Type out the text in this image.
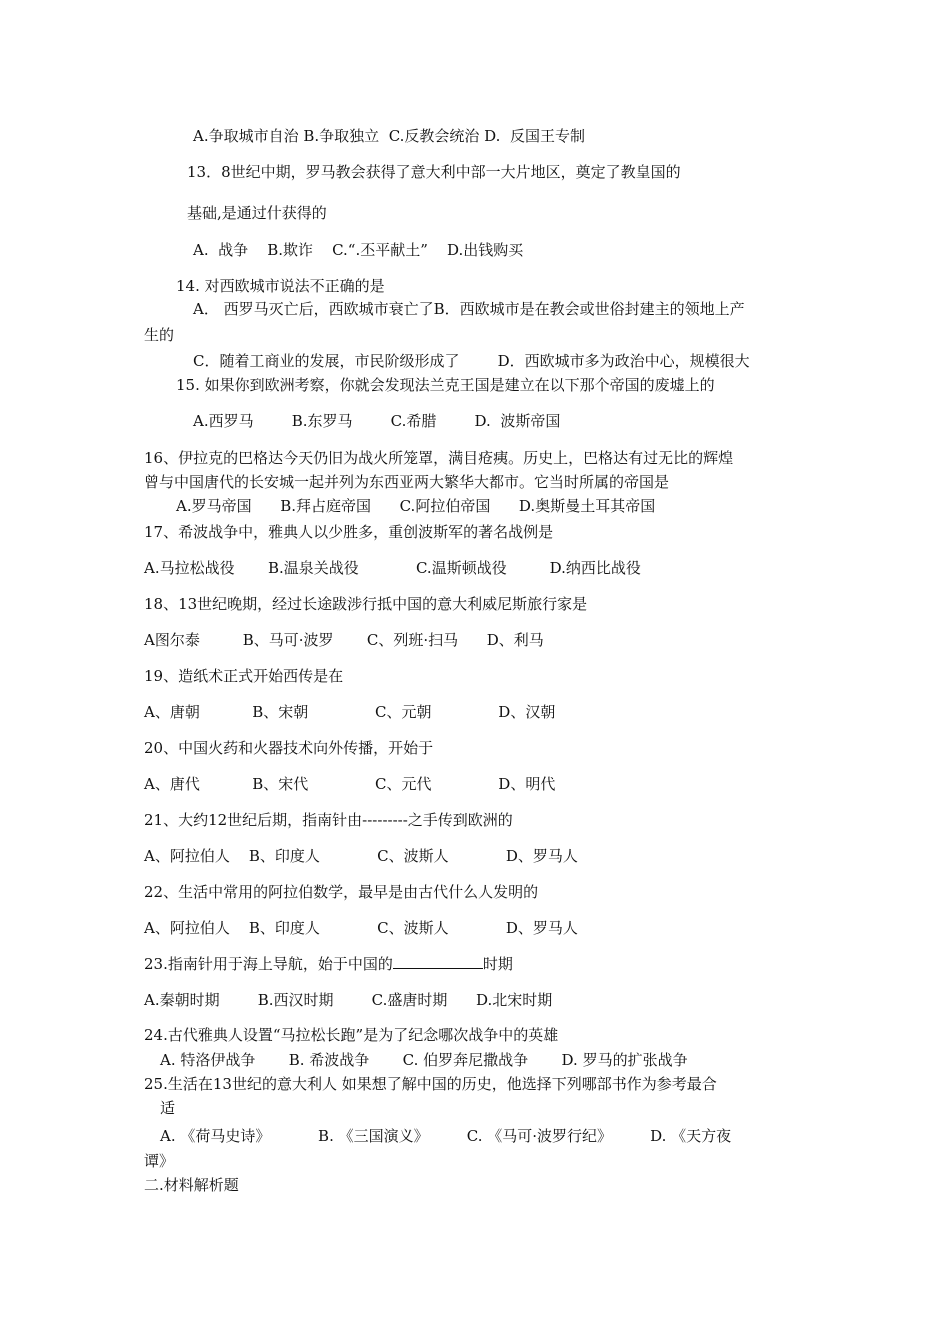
A.争取城市自治 B.争取独立  C.反教会统治 D.  反国王专制
13．8世纪中期，罗马教会获得了意大利中部一大片地区，奠定了教皇国的
基础,是通过什获得的
A.  战争    B.欺诈    C.“.丕平献土”    D.出钱购买
14. 对西欧城市说法不正确的是
A． 西罗马灭亡后，西欧城市衰亡了B．西欧城市是在教会或世俗封建主的领地上产
生的
C．随着工商业的发展，市民阶级形成了        D．西欧城市多为政治中心，规模很大
15. 如果你到欧洲考察，你就会发现法兰克王国是建立在以下那个帝国的废墟上的
A.西罗马        B.东罗马        C.希腊        D.  波斯帝国
16、伊拉克的巴格达今天仍旧为战火所笼罩，满目疮痍。历史上，巴格达有过无比的辉煌
曾与中国唐代的长安城一起并列为东西亚两大繁华大都市。它当时所属的帝国是
A.罗马帝国      B.拜占庭帝国      C.阿拉伯帝国      D.奥斯曼土耳其帝国
17、希波战争中，雅典人以少胜多，重创波斯军的著名战例是
A.马拉松战役       B.温泉关战役            C.温斯顿战役         D.纳西比战役
18、13世纪晚期，经过长途跋涉行抵中国的意大利威尼斯旅行家是
A图尔泰         B、马可·波罗       C、列班·扫马      D、利马
19、造纸术正式开始西传是在
A、唐朝           B、宋朝              C、元朝              D、汉朝
20、中国火药和火器技术向外传播，开始于
A、唐代           B、宋代              C、元代              D、明代
21、大约12世纪后期，指南针由---------之手传到欧洲的
A、阿拉伯人    B、印度人            C、波斯人            D、罗马人
22、生活中常用的阿拉伯数学，最早是由古代什么人发明的
A、阿拉伯人    B、印度人            C、波斯人            D、罗马人
23.指南针用于海上导航，始于中国的	时期
A.秦朝时期        B.西汉时期        C.盛唐时期      D.北宋时期
24.古代雅典人设置“马拉松长跑”是为了纪念哪次战争中的英雄
A. 特洛伊战争       B. 希波战争       C. 伯罗奔尼撒战争       D. 罗马的扩张战争
25.生活在13世纪的意大利人 如果想了解中国的历史，他选择下列哪部书作为参考最合
适
A. 《荷马史诗》          B. 《三国演义》        C. 《马可·波罗行纪》        D. 《天方夜
谭》
二.材料解析题
